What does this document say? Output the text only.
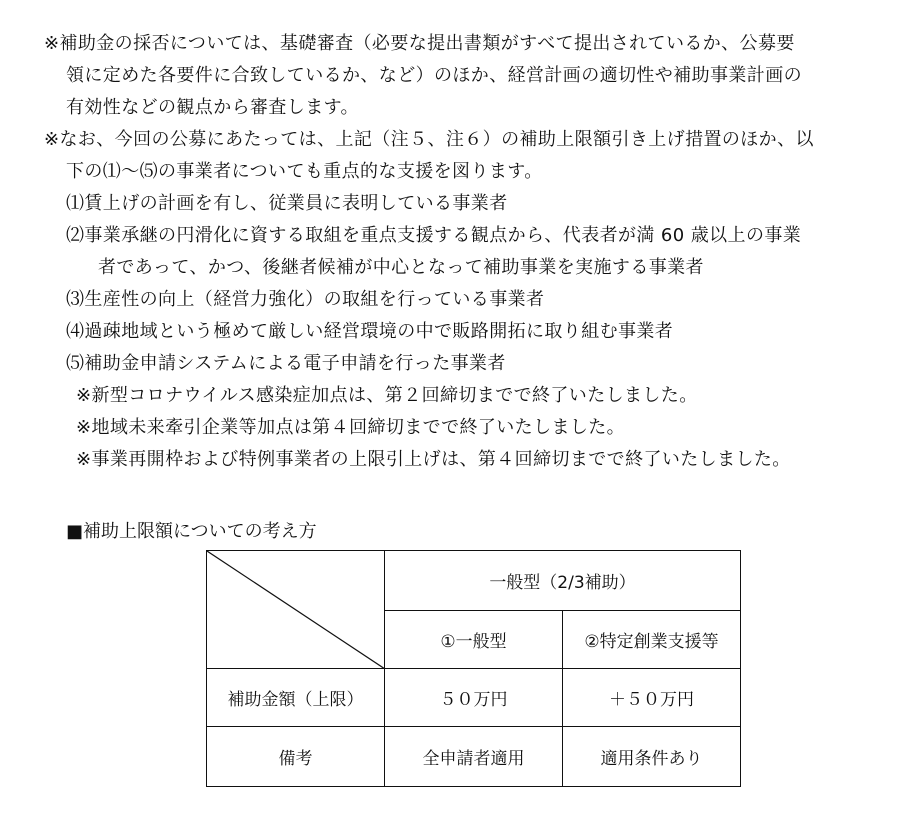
※補助金の採否については、基礎審査（必要な提出書類がすべて提出されているか、公募要
領に定めた各要件に合致しているか、など）のほか、経営計画の適切性や補助事業計画の
有効性などの観点から審査します。
※なお、今回の公募にあたっては、上記（注５、注６）の補助上限額引き上げ措置のほか、以
下の⑴～⑸の事業者についても重点的な支援を図ります。
⑴賃上げの計画を有し、従業員に表明している事業者
⑵事業承継の円滑化に資する取組を重点支援する観点から、代表者が満 60 歳以上の事業
者であって、かつ、後継者候補が中心となって補助事業を実施する事業者
⑶生産性の向上（経営力強化）の取組を行っている事業者
⑷過疎地域という極めて厳しい経営環境の中で販路開拓に取り組む事業者
⑸補助金申請システムによる電子申請を行った事業者
※新型コロナウイルス感染症加点は、第２回締切までで終了いたしました。
※地域未来牽引企業等加点は第４回締切までで終了いたしました。
※事業再開枠および特例事業者の上限引上げは、第４回締切までで終了いたしました。
■補助上限額についての考え方
	一般型（2/3補助）	
	①一般型	②特定創業支援等
補助金額（上限）	５０万円	＋５０万円
備考	全申請者適用	適用条件あり
